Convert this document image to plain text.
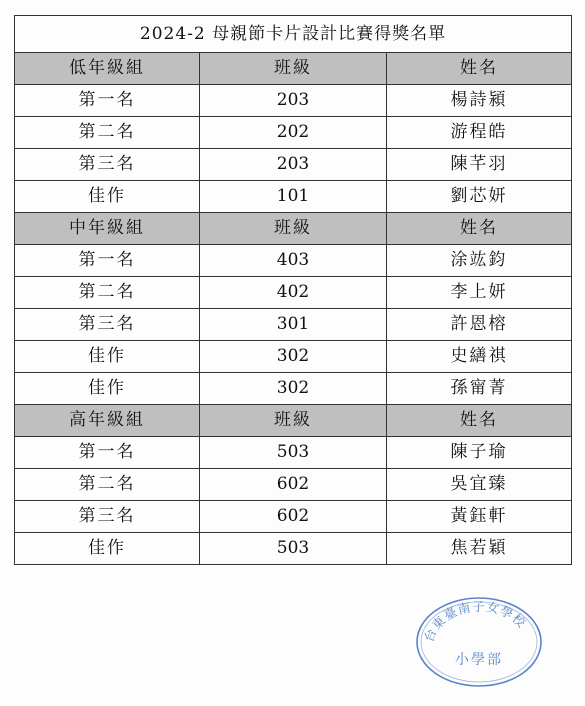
2024-2 母親節卡片設計比賽得獎名單		
低年級組	班級	姓名
第一名	203	楊詩潁
第二名	202	游程皓
第三名	203	陳芊羽
佳作	101	劉芯妍
中年級組	班級	姓名
第一名	403	涂竑鈞
第二名	402	李上妍
第三名	301	許恩榕
佳作	302	史繕祺
佳作	302	孫甯菁
高年級組	班級	姓名
第一名	503	陳子瑜
第二名	602	吳宜臻
第三名	602	黃鈺軒
佳作	503	焦若穎
台東臺南子女學校
小學部
